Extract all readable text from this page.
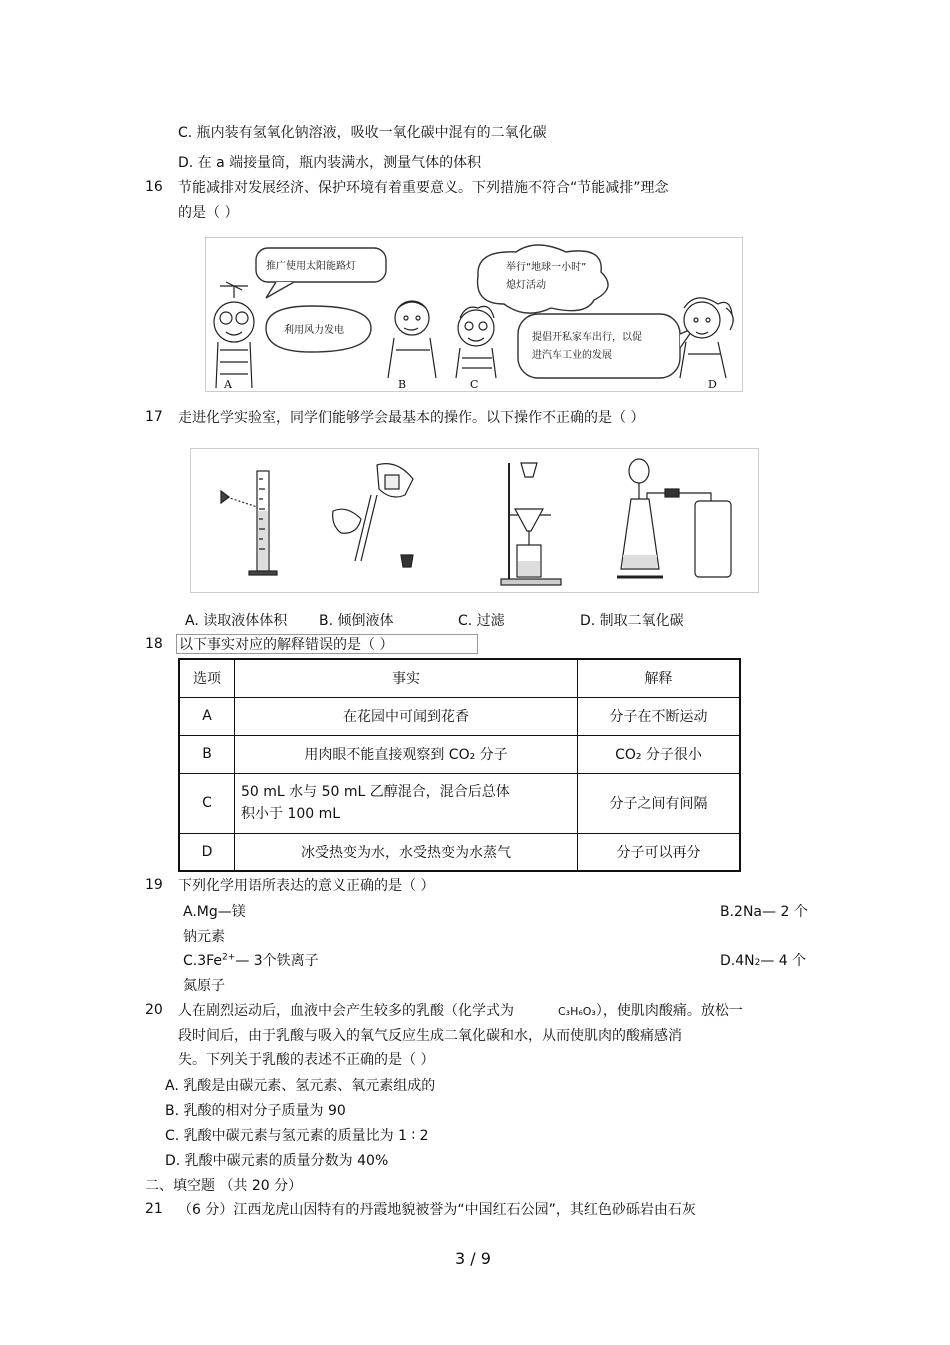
C. 瓶内装有氢氧化钠溶液，吸收一氧化碳中混有的二氧化碳
D. 在 a 端接量筒，瓶内装满水，测量气体的体积
16 节能减排对发展经济、保护环境有着重要意义。下列措施不符合“节能减排”理念
的是（ ）
推广使用太阳能路灯
利用风力发电
举行“地球一小时”
熄灯活动
提倡开私家车出行，以促
进汽车工业的发展
A	B	C	D
17 走进化学实验室，同学们能够学会最基本的操作。以下操作不正确的是（ ）
A. 读取液体体积 B. 倾倒液体	C. 过滤	D. 制取二氧化碳
18 以下事实对应的解释错误的是（ ）
选项	事实	解释
A	在花园中可闻到花香	分子在不断运动
B	用肉眼不能直接观察到 CO₂ 分子	CO₂ 分子很小
C	50 mL 水与 50 mL 乙醇混合，混合后总体
积小于 100 mL	分子之间有间隔
D	冰受热变为水，水受热变为水蒸气	分子可以再分
19 下列化学用语所表达的意义正确的是（ ）
A.Mg—镁	B.2Na— 2 个
钠元素
$C.3Fe^{2+}—$ 3个铁离子	D.4N2— 4 个
氮原子
20 人在剧烈运动后，血液中会产生较多的乳酸（化学式为	C₃H₆O₃），使肌肉酸痛。放松一
段时间后，由于乳酸与吸入的氧气反应生成二氧化碳和水，从而使肌肉的酸痛感消
失。下列关于乳酸的表述不正确的是（ ）
A. 乳酸是由碳元素、氢元素、氧元素组成的
B. 乳酸的相对分子质量为 90
C. 乳酸中碳元素与氢元素的质量比为 1 ∶ 2
D. 乳酸中碳元素的质量分数为 40%
二、填空题 （共 20 分）
21 （6 分）江西龙虎山因特有的丹霞地貌被誉为“中国红石公园”，其红色砂砾岩由石灰
3 / 9
